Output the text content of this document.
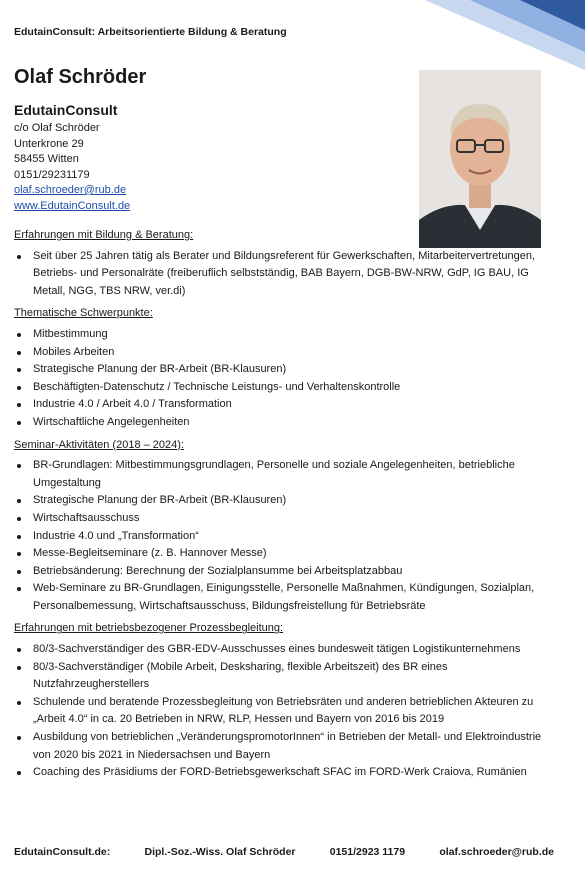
EdutainConsult: Arbeitsorientierte Bildung & Beratung
Olaf Schröder
EdutainConsult
c/o Olaf Schröder
Unterkrone 29
58455 Witten
0151/29231179
olaf.schroeder@rub.de
www.EdutainConsult.de
Erfahrungen mit Bildung & Beratung:
Seit über 25 Jahren tätig als Berater und Bildungsreferent für Gewerkschaften, Mitarbeitervertretungen, Betriebs- und Personalräte (freiberuflich selbstständig, BAB Bayern, DGB-BW-NRW, GdP, IG BAU, IG Metall, NGG, TBS NRW, ver.di)
Thematische Schwerpunkte:
Mitbestimmung
Mobiles Arbeiten
Strategische Planung der BR-Arbeit (BR-Klausuren)
Beschäftigten-Datenschutz / Technische Leistungs- und Verhaltenskontrolle
Industrie 4.0 / Arbeit 4.0 / Transformation
Wirtschaftliche Angelegenheiten
Seminar-Aktivitäten (2018 – 2024):
BR-Grundlagen: Mitbestimmungsgrundlagen, Personelle und soziale Angelegenheiten, betriebliche Umgestaltung
Strategische Planung der BR-Arbeit (BR-Klausuren)
Wirtschaftsausschuss
Industrie 4.0 und „Transformation“
Messe-Begleitseminare (z. B. Hannover Messe)
Betriebsänderung: Berechnung der Sozialplansumme bei Arbeitsplatzabbau
Web-Seminare zu BR-Grundlagen, Einigungsstelle, Personelle Maßnahmen, Kündigungen, Sozialplan, Personalbemessung, Wirtschaftsausschuss, Bildungsfreistellung für Betriebsräte
Erfahrungen mit betriebsbezogener Prozessbegleitung:
80/3-Sachverständiger des GBR-EDV-Ausschusses eines bundesweit tätigen Logistikunternehmens
80/3-Sachverständiger (Mobile Arbeit, Desksharing, flexible Arbeitszeit) des BR eines Nutzfahrzeugherstellers
Schulende und beratende Prozessbegleitung von Betriebsräten und anderen betrieblichen Akteuren zu „Arbeit 4.0“ in ca. 20 Betrieben in NRW, RLP, Hessen und Bayern von 2016 bis 2019
Ausbildung von betrieblichen „VeränderungspromotorInnen“ in Betrieben der Metall- und Elektroindustrie von 2020 bis 2021 in Niedersachsen und Bayern
Coaching des Präsidiums der FORD-Betriebsgewerkschaft SFAC im FORD-Werk Craiova, Rumänien
EdutainConsult.de:	Dipl.-Soz.-Wiss. Olaf Schröder	0151/2923 1179	olaf.schroeder@rub.de
